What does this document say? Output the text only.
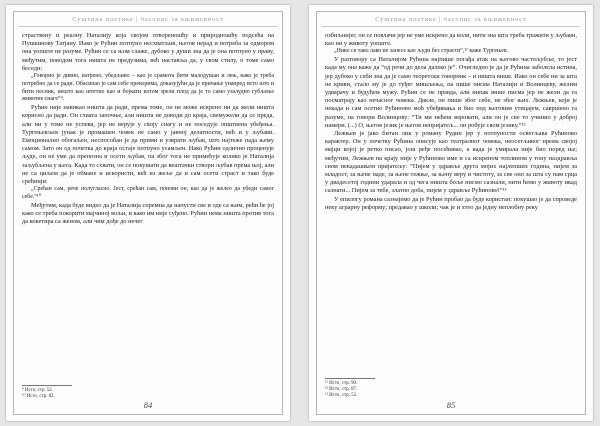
Суштина поетике | часопис за књижевност

страствену и реалну Наталију која својом отвореношћу и природношћу подсећа на Пушкинову Татјану. Иако је Рућин потпуно несхватљив, његов нерад и потреба за одмором она уопште не разуме. Рућин се са њом слаже, дубоко у души зна да је она потпуно у праву, међутим, поводом тога ништа не предузима, већ настављa да, у свом стилу, о томе само беседи:

„Говорио је дивно, ватрено, убедљиво – као је срамота бити малодушан и лењ, како је треба потребно да се ради. Обасипао је сам себе прекорима, доказујући да је причање унапред исто што и бити песник, нешто као штетно као и бојкати илгом зрели плод да је то само узалудно губљење животне снаге“⁹.

Рућин није навикао ништа да ради, према томе, он не може искрено ни да жели ништа корисно да ради. Он схвата започње, али ништа не доводи до краја, свемужели да се преда, али ни у томе не успева, јер не верује у своју снагу и не поседује општвена убеђења. Тургењевљев јунак је промашен човек не само у јавној делатности, већ и у љубави. Емоционално обогаљен, неспособан је да прими и узврати љубав, што најтеже пада њему самом. Зато он од почетка до краја остаје потпуно усамљен. Иако Рућин одлично проценује људе, он не уме да препозна и осети љубав, па због тога не примећује колико је Наталија заљубљена у њега. Када то схвати, он се покушати да вештачки створи љубав према њој, али не са циљем да је обмане и искористи, већ из жеље да и сам осети страст и тако буде срећнији:

„Срећан сам, рече полугласно. Јест, срећан сам, понови он, као да је желео да убеди самог себе.“¹⁰

Међутим, када буде видео да је Наталија спремна да напусти све и оде са њим, рећи ће јој како се треба покорити мајчиној вољи, и како им није суђено. Рућин нема ништа против тога да кокетира са женом, али чим дође до нечег

⁹ Исто, стр. 52.
¹⁰ Исто, стр. 82.
84
Суштина поетике | часопис за књижевност

озбиљнијег, он се повлачи јер не уме искрено да воли, нити зна шта треба тражити у љубави, као ни у животу уопште.

„Нико се тако лако не занесе као људи без страсти“,¹¹ каже Тургењев.

У разговору са Наталијом Рућина најпише погађа атак на његово частољубље, то јест када му она каже да “од речи до дела далеко је”. Очигледно је да је Рућина заболела истина, јер дубоко у себи зна да је само теоретски говорник – и ништа више. Иако он себе ни за шта не криви, стало му је до туђег мишљења, па пише писма Наталији и Волинцеву, желим удварачу и будућем мужу. Рућин се не правда, али иипак више писма јер не жели да га посматрају као нечасног човека. Дакле, он пише због себе, не због њих. Лежњев, који је некада и сам осетио Рућиново моћ убеђивања и био под његовим утицајем, савршено га разуме, па говори Волинцову: “Ти ми нећеш веровати, али он је све то учинио у доброј намери. (...) О, његов језик је његов непријатељ... он робује свом језику.”¹²

Лежњев је јако битан лик у роману Рудин јер у потпуности осветљава Рућиново карактер. Он у почетку Рућина описује као театралног човека, неосетљивог према својој мајци којој је ретко писао, још ређе посећивао, а када је умирала није био поред ње; међутим, Лежњев на крају није у Рућиново име и са искреном топлином у тону наздравља свом некадашњем пријатељу: “Пијем у здравље друга мојих најлепших година, пијем за младост, за њене наде, за њене тежње, за њену веру и чистоту, за све оно за шта су нам срца у двадесетој години ударала и од чега ништа боље нисмо сазнали, нити ћемо у животу икад сазнати... Пијем за тебе, златно доба, пијем у здравље Рућиново!“¹³

У епилогу романа сазнајемо да је Рућин пробао да буде користан: покушао је да спроведе неку аграрну реформу; предавао у школи; чак је и хтео да једну неплобну реку

¹¹ Исто, стр. 90.
¹² Исто, стр. 87.
¹³ Исто, стр. 52.
85
